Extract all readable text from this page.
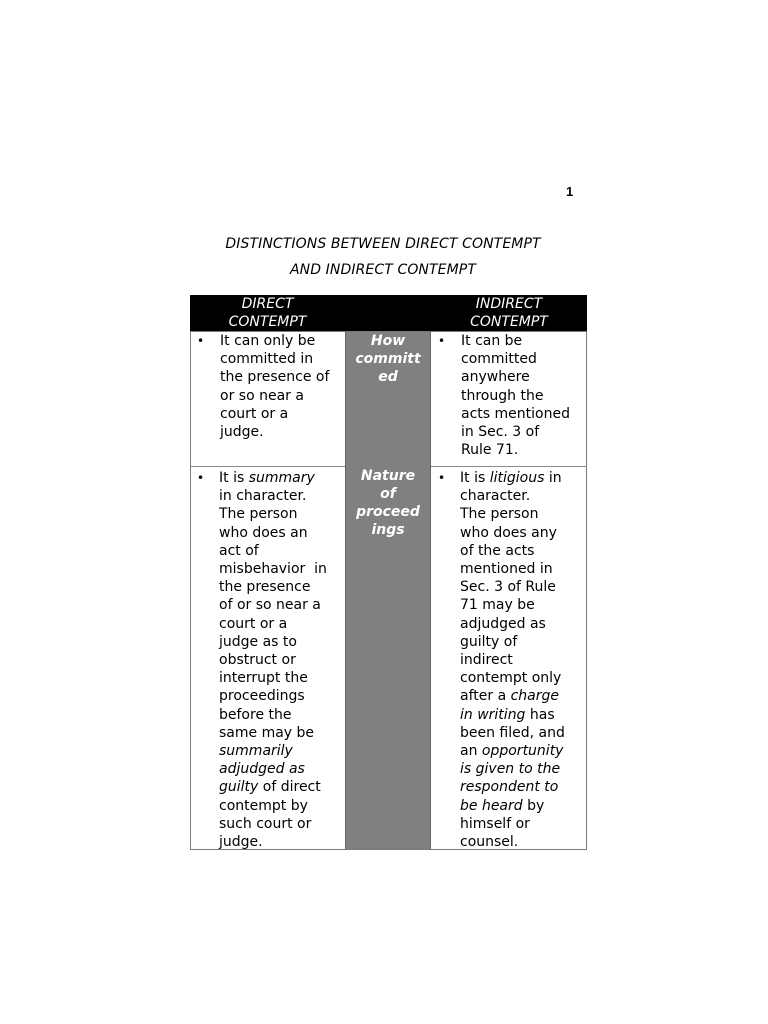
1
DISTINCTIONS BETWEEN DIRECT CONTEMPT
AND INDIRECT CONTEMPT
DIRECT
CONTEMPT
INDIRECT
CONTEMPT
How
committ
ed
• It can only be
committed in
the presence of
or so near a
court or a
judge.
• It can be
committed
anywhere
through the
acts mentioned
in Sec. 3 of
Rule 71.
Nature
of
proceed
ings
• It is summary
in character.
The person
who does an
act of
misbehavior  in
the presence
of or so near a
court or a
judge as to
obstruct or
interrupt the
proceedings
before the
same may be
summarily
adjudged as
guilty of direct
contempt by
such court or
judge.
• It is litigious in
character.
The person
who does any
of the acts
mentioned in
Sec. 3 of Rule
71 may be
adjudged as
guilty of
indirect
contempt only
after a charge
in writing has
been filed, and
an opportunity
is given to the
respondent to
be heard by
himself or
counsel.
